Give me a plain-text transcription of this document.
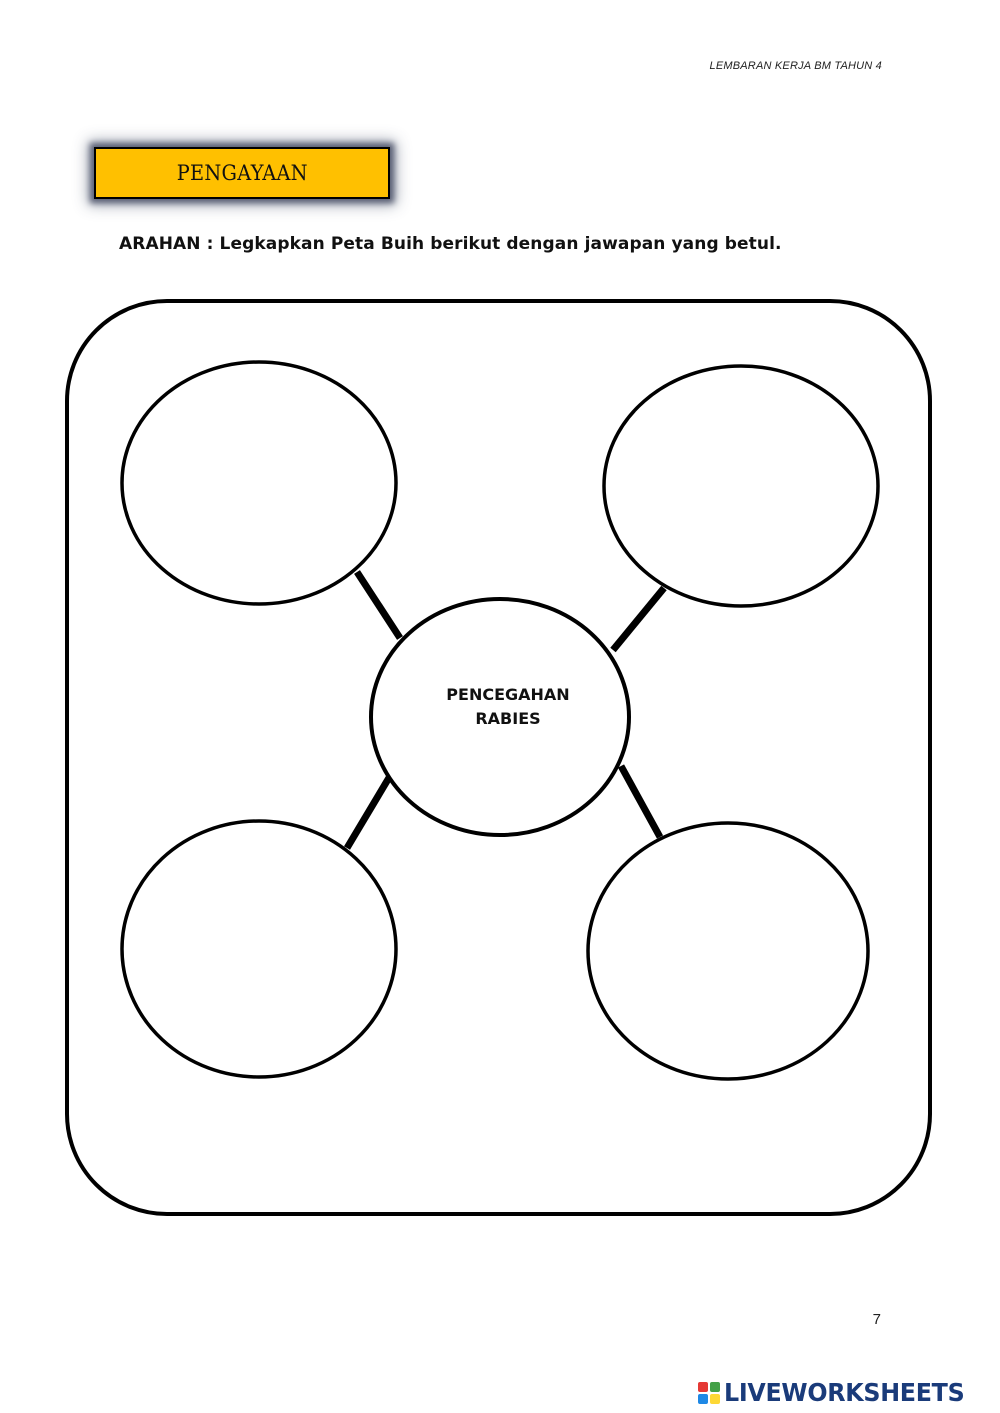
LEMBARAN KERJA BM TAHUN 4
PENGAYAAN
ARAHAN : Legkapkan Peta Buih berikut dengan jawapan yang betul.
PENCEGAHAN
RABIES
7
LIVEWORKSHEETS
